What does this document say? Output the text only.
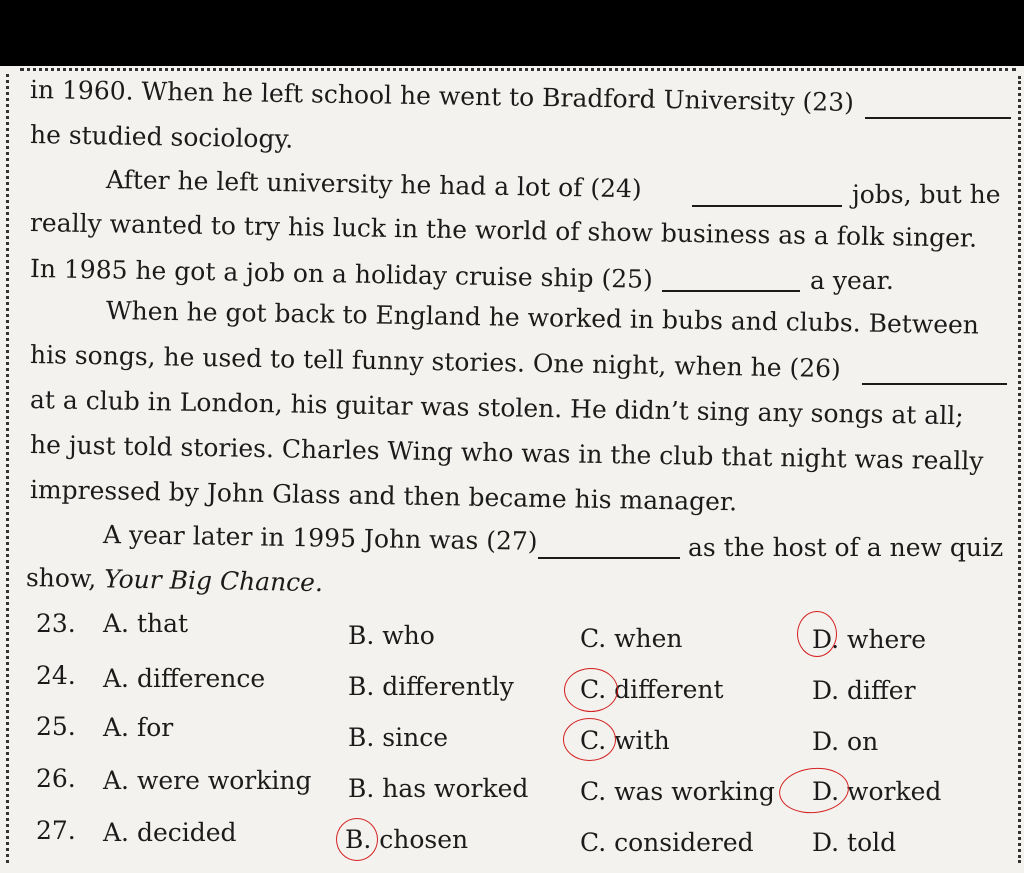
in 1960. When he left school he went to Bradford University (23)
he studied sociology.
After he left university he had a lot of (24)	jobs, but he
really wanted to try his luck in the world of show business as a folk singer.
In 1985 he got a job on a holiday cruise ship (25)	a year.
When he got back to England he worked in bubs and clubs. Between
his songs, he used to tell funny stories. One night, when he (26)
at a club in London, his guitar was stolen. He didn’t sing any songs at all;
he just told stories. Charles Wing who was in the club that night was really
impressed by John Glass and then became his manager.
A year later in 1995 John was (27)	as the host of a new quiz
show, Your Big Chance.
23. A. that	B. who	C. when	D. where
24. A. difference	B. differently	C. different	D. differ
25. A. for	B. since	C. with	D. on
26. A. were working B. has worked C. was working D. worked
27. A. decided	B. chosen	C. considered D. told
